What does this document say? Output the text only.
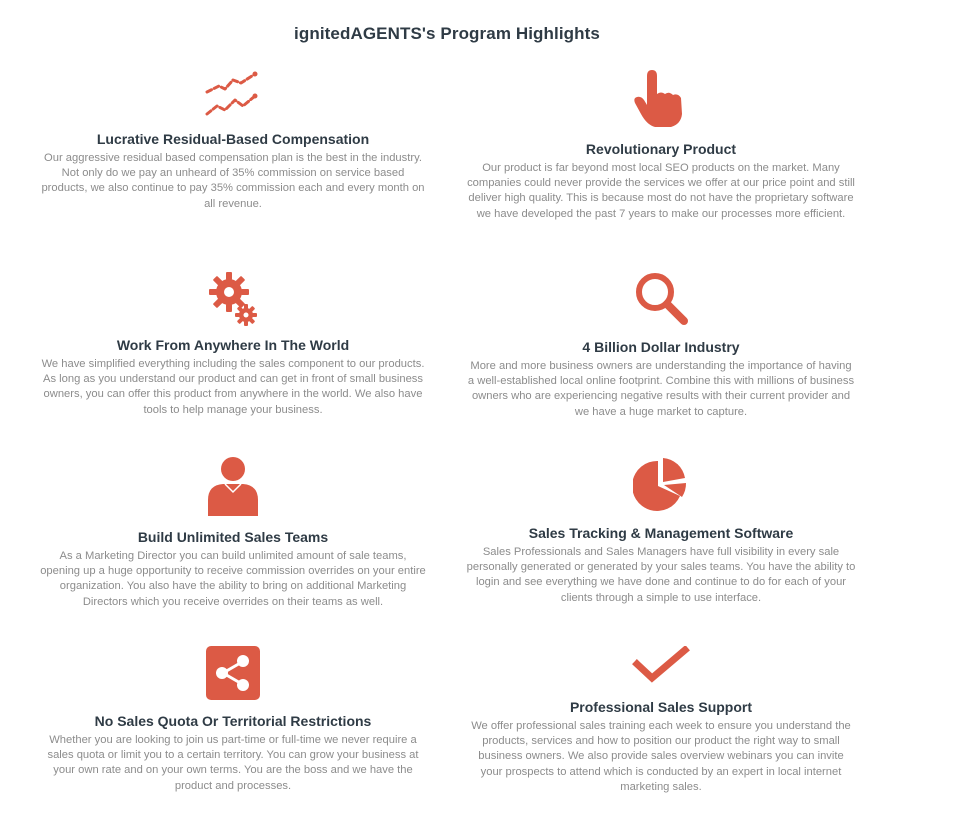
ignitedAGENTS's Program Highlights
Lucrative Residual-Based Compensation

Our aggressive residual based compensation plan is the best in the industry. Not only do we pay an unheard of 35% commission on service based products, we also continue to pay 35% commission each and every month on all revenue.

Revolutionary Product

Our product is far beyond most local SEO products on the market. Many companies could never provide the services we offer at our price point and still deliver high quality. This is because most do not have the proprietary software we have developed the past 7 years to make our processes more efficient.

Work From Anywhere In The World

We have simplified everything including the sales component to our products. As long as you understand our product and can get in front of small business owners, you can offer this product from anywhere in the world. We also have tools to help manage your business.

4 Billion Dollar Industry

More and more business owners are understanding the importance of having a well-established local online footprint. Combine this with millions of business owners who are experiencing negative results with their current provider and we have a huge market to capture.

Build Unlimited Sales Teams

As a Marketing Director you can build unlimited amount of sale teams, opening up a huge opportunity to receive commission overrides on your entire organization. You also have the ability to bring on additional Marketing Directors which you receive overrides on their teams as well.

Sales Tracking & Management Software

Sales Professionals and Sales Managers have full visibility in every sale personally generated or generated by your sales teams. You have the ability to login and see everything we have done and continue to do for each of your clients through a simple to use interface.

No Sales Quota Or Territorial Restrictions

Whether you are looking to join us part-time or full-time we never require a sales quota or limit you to a certain territory. You can grow your business at your own rate and on your own terms. You are the boss and we have the product and processes.

Professional Sales Support

We offer professional sales training each week to ensure you understand the products, services and how to position our product the right way to small business owners. We also provide sales overview webinars you can invite your prospects to attend which is conducted by an expert in local internet marketing sales.
